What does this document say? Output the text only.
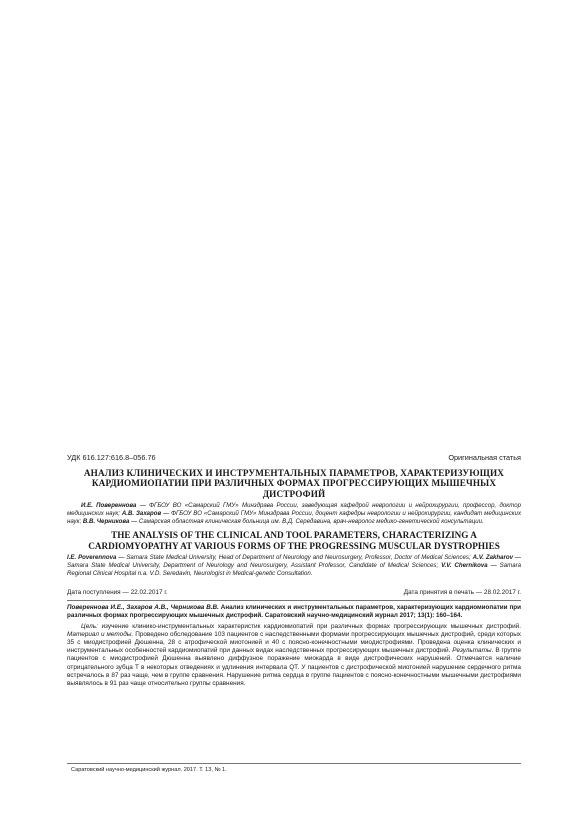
УДК 616.127:616.8–056.76	Оригинальная статья
АНАЛИЗ КЛИНИЧЕСКИХ И ИНСТРУМЕНТАЛЬНЫХ ПАРАМЕТРОВ, ХАРАКТЕРИЗУЮЩИХ КАРДИОМИОПАТИИ ПРИ РАЗЛИЧНЫХ ФОРМАХ ПРОГРЕССИРУЮЩИХ МЫШЕЧНЫХ ДИСТРОФИЙ
И.Е. Повереннова — ФГБОУ ВО «Самарский ГМУ» Минздрава России, заведующая кафедрой неврологии и нейрохирургии, профессор, доктор медицинских наук; А.В. Захаров — ФГБОУ ВО «Самарский ГМУ» Минздрава России, доцент кафедры неврологии и нейрохирургии, кандидат медицинских наук; В.В. Черникова — Самарская областная клиническая больница им. В.Д. Середавина, врач-невролог медико-генетической консультации.
THE ANALYSIS OF THE CLINICAL AND TOOL PARAMETERS, CHARACTERIZING A CARDIOMYOPATHY AT VARIOUS FORMS OF THE PROGRESSING MUSCULAR DYSTROPHIES
I.E. Poverennova — Samara State Medical University, Head of Department of Neurology and Neurosurgery, Professor, Doctor of Medical Sciences; A.V. Zakharov — Samara State Medical University, Department of Neurology and Neurosurgery, Assistant Professor, Candidate of Medical Sciences; V.V. Chernikova — Samara Regional Clinical Hospital n.a. V.D. Seredavin, Neurologist in Medical-genetic Consultation.
Дата поступления — 22.02.2017 г.	Дата принятия в печать — 28.02.2017 г.
Повереннова И.Е., Захаров А.В., Черникова В.В. Анализ клинических и инструментальных параметров, характеризующих кардиомиопатии при различных формах прогрессирующих мышечных дистрофий. Саратовский научно-медицинский журнал 2017; 13(1): 160–164.
Цель: изучение клинико-инструментальных характеристик кардиомиопатий при различных формах прогрессирующих мышечных дистрофий. Материал и методы. Проведено обследование 103 пациентов с наследственными формами прогрессирующих мышечных дистрофий, среди которых 35 с миодистрофией Дюшенна, 28 с атрофической миотонией и 40 с поясно-конечностными миодистрофиями. Проведена оценка клинических и инструментальных особенностей кардиомиопатий при данных видах наследственных прогрессирующих мышечных дистрофий. Результаты. В группе пациентов с миодистрофией Дюшенна выявлено диффузное поражение миокарда в виде дистрофических нарушений. Отмечается наличие отрицательного зубца T в некоторых отведениях и удлинения интервала QT. У пациентов с дистрофической миотонией нарушение сердечного ритма встречалось в 87 раз чаще, чем в группе сравнения. Нарушение ритма сердца в группе пациентов с поясно-конечностными мышечными дистрофиями выявлялось в 91 раз чаще относительно группы сравнения.
Саратовский научно-медицинский журнал. 2017. Т. 13, № 1.
